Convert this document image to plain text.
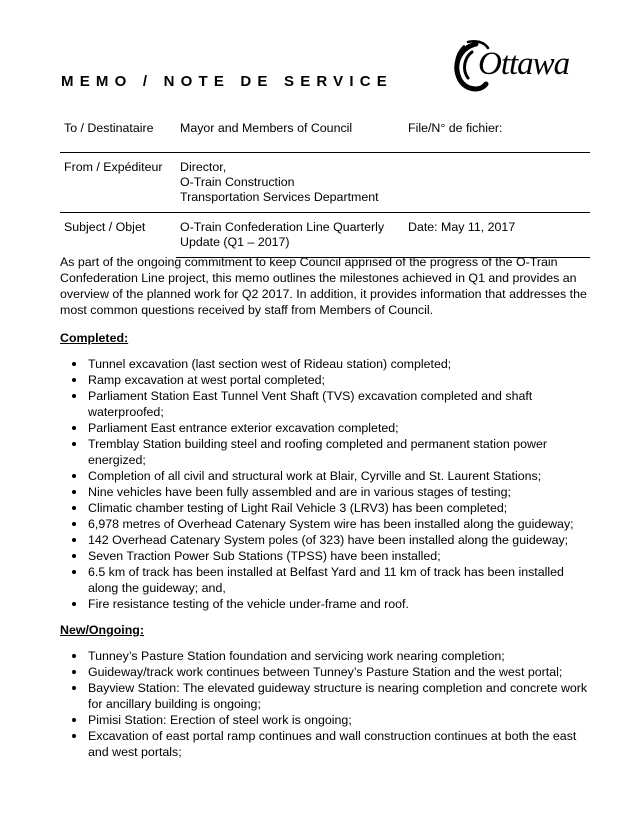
MEMO / NOTE DE SERVICE	Ottawa
To / Destinataire	Mayor and Members of Council	File/N° de fichier:
From / Expéditeur	Director,
O-Train Construction
Transportation Services Department	

Subject / Objet	O-Train Confederation Line Quarterly
Update (Q1 – 2017)	Date: May 11, 2017

As part of the ongoing commitment to keep Council apprised of the progress of the O-Train Confederation Line project, this memo outlines the milestones achieved in Q1 and provides an overview of the planned work for Q2 2017. In addition, it provides information that addresses the most common questions received by staff from Members of Council.

Completed:
Tunnel excavation (last section west of Rideau station) completed;
Ramp excavation at west portal completed;
Parliament Station East Tunnel Vent Shaft (TVS) excavation completed and shaft waterproofed;
Parliament East entrance exterior excavation completed;
Tremblay Station building steel and roofing completed and permanent station power energized;
Completion of all civil and structural work at Blair, Cyrville and St. Laurent Stations;
Nine vehicles have been fully assembled and are in various stages of testing;
Climatic chamber testing of Light Rail Vehicle 3 (LRV3) has been completed;
6,978 metres of Overhead Catenary System wire has been installed along the guideway;
142 Overhead Catenary System poles (of 323) have been installed along the guideway;
Seven Traction Power Sub Stations (TPSS) have been installed;
6.5 km of track has been installed at Belfast Yard and 11 km of track has been installed along the guideway; and,
Fire resistance testing of the vehicle under-frame and roof.
New/Ongoing:
Tunney’s Pasture Station foundation and servicing work nearing completion;
Guideway/track work continues between Tunney’s Pasture Station and the west portal;
Bayview Station: The elevated guideway structure is nearing completion and concrete work for ancillary building is ongoing;
Pimisi Station: Erection of steel work is ongoing;
Excavation of east portal ramp continues and wall construction continues at both the east and west portals;
